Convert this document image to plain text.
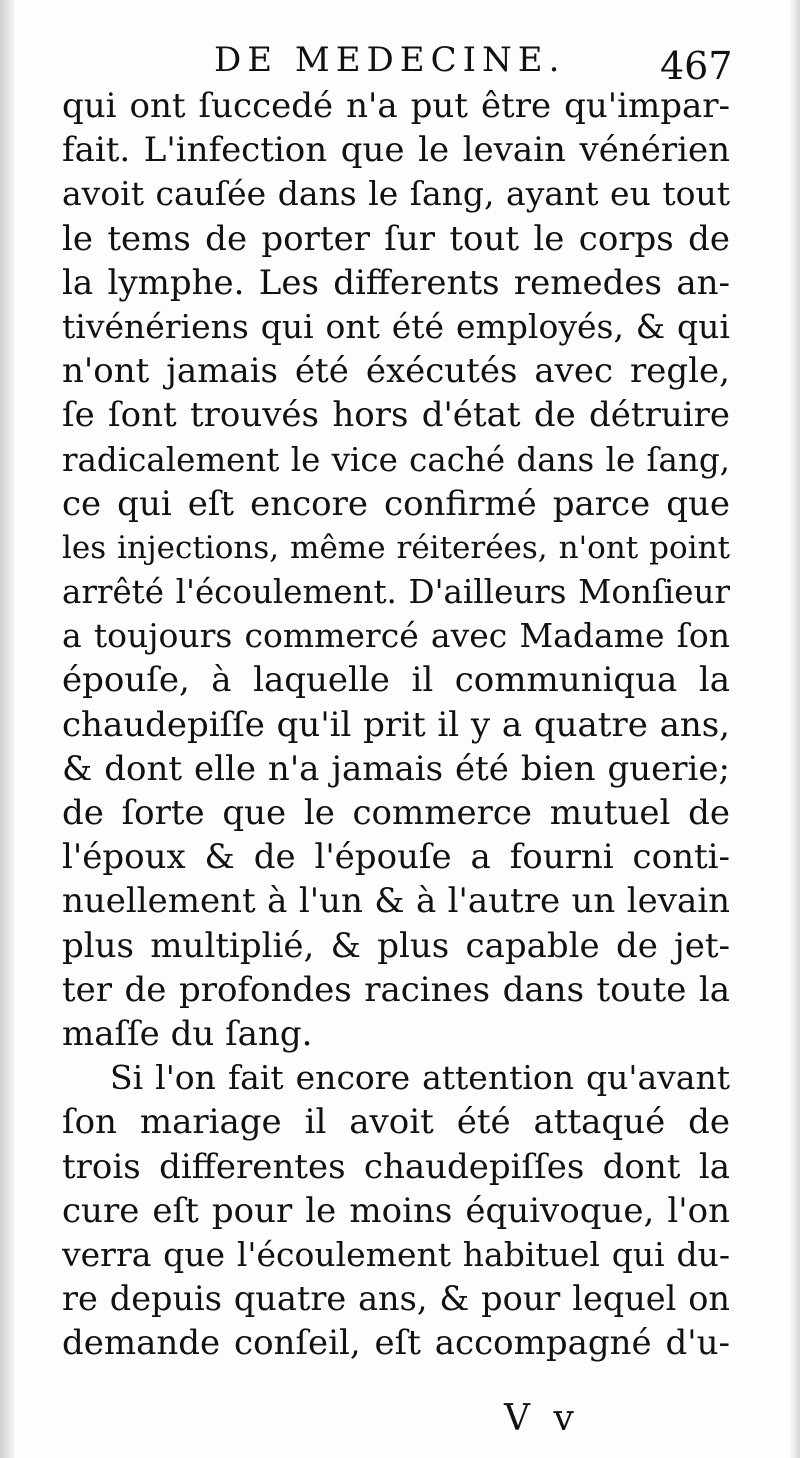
DE MEDECINE. 467
qui ont ſuccedé n'a put être qu'impar-
fait. L'infection que le levain vénérien
avoit cauſée dans le ſang, ayant eu tout
le tems de porter ſur tout le corps de
la lymphe. Les differents remedes an-
tivénériens qui ont été employés, & qui
n'ont jamais été éxécutés avec regle,
ſe ſont trouvés hors d'état de détruire
radicalement le vice caché dans le ſang,
ce qui eſt encore confirmé parce que
les injections, même réiterées, n'ont point
arrêté l'écoulement. D'ailleurs Monſieur
a toujours commercé avec Madame ſon
épouſe, à laquelle il communiqua la
chaudepiſſe qu'il prit il y a quatre ans,
& dont elle n'a jamais été bien guerie;
de ſorte que le commerce mutuel de
l'époux & de l'épouſe a fourni conti-
nuellement à l'un & à l'autre un levain
plus multiplié, & plus capable de jet-
ter de profondes racines dans toute la
maſſe du ſang.
Si l'on fait encore attention qu'avant
ſon mariage il avoit été attaqué de
trois differentes chaudepiſſes dont la
cure eſt pour le moins équivoque, l'on
verra que l'écoulement habituel qui du-
re depuis quatre ans, & pour lequel on
demande conſeil, eſt accompagné d'u-
V v
